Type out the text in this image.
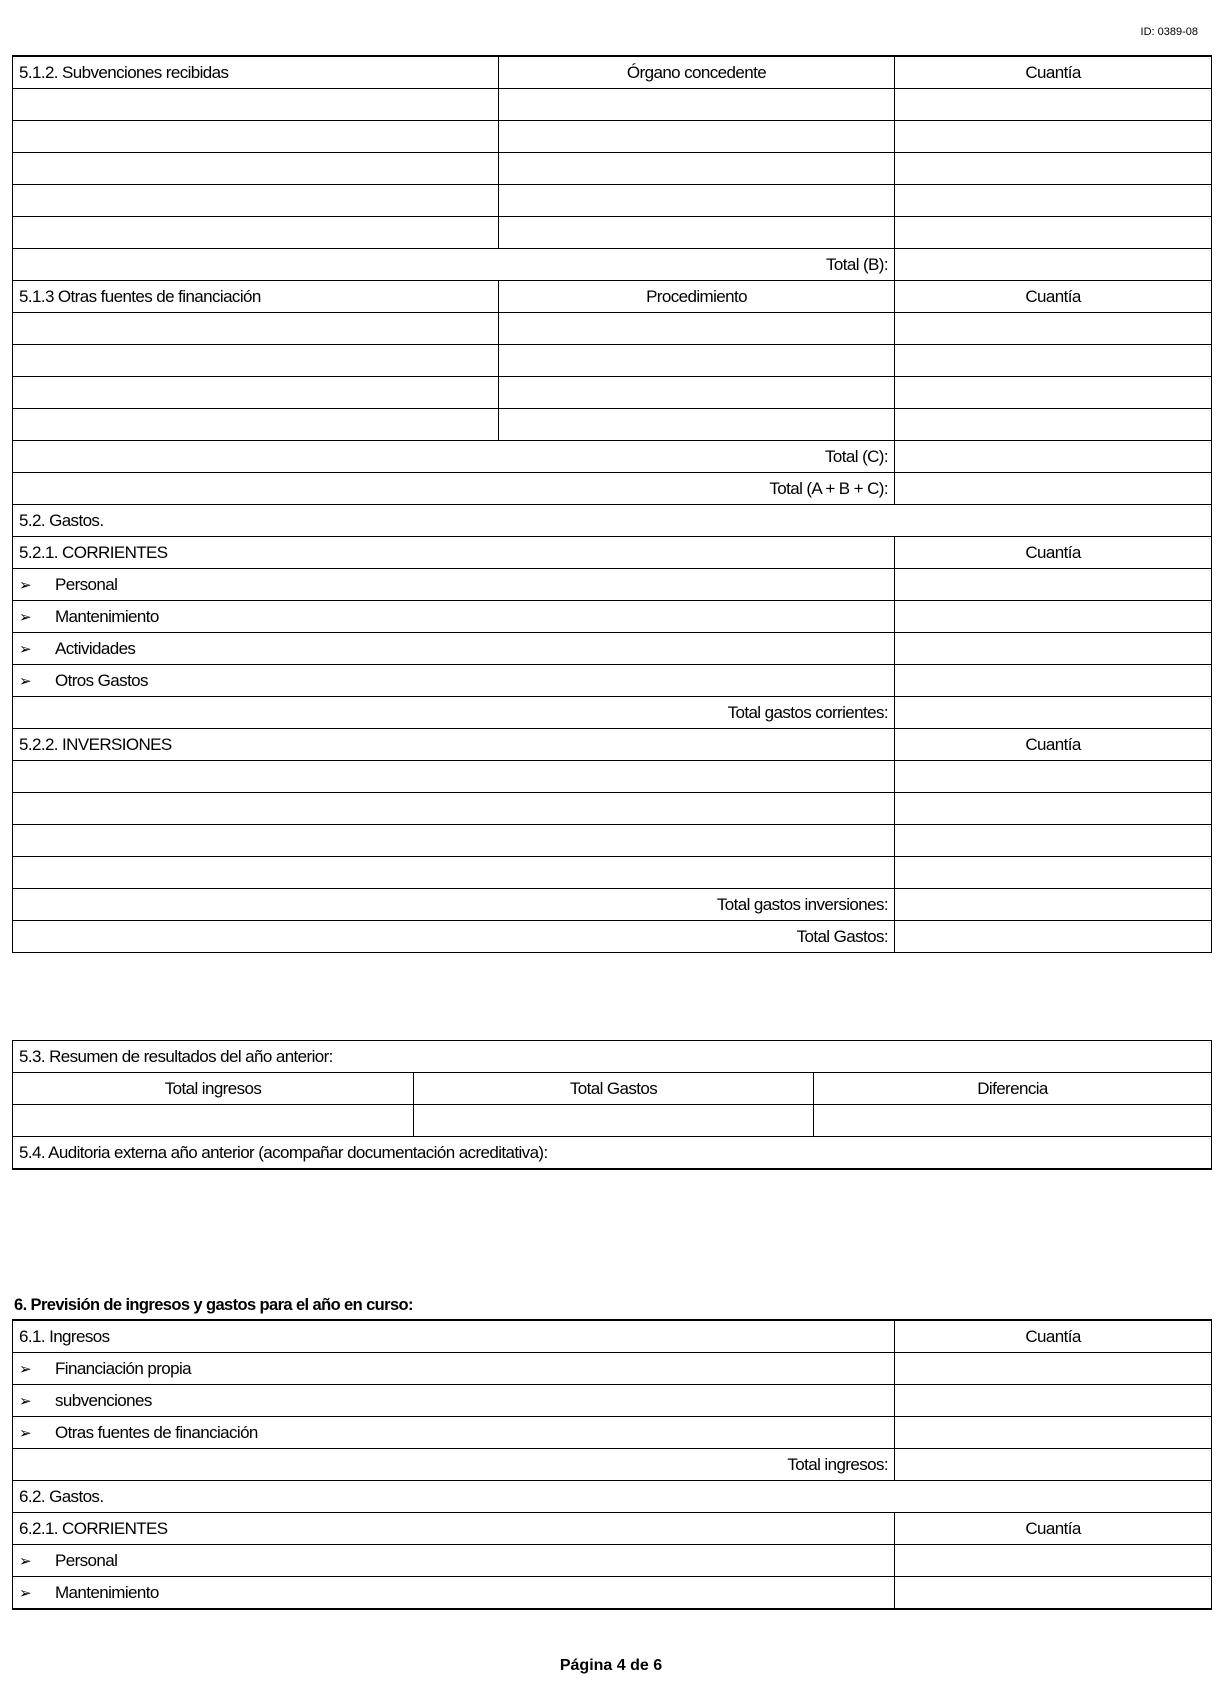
ID: 0389-08
5.1.2. Subvenciones recibidas	Órgano concedente	Cuantía

Total (B):		
5.1.3 Otras fuentes de financiación	Procedimiento	Cuantía

Total (C):		
Total (A + B + C):		
5.2. Gastos.		
5.2.1. CORRIENTES		Cuantía
➢ Personal		
➢ Mantenimiento		
➢ Actividades		
➢ Otros Gastos		
Total gastos corrientes:		
5.2.2. INVERSIONES		Cuantía

Total gastos inversiones:		
Total Gastos:		
5.3. Resumen de resultados del año anterior:		
Total ingresos	Total Gastos	Diferencia

5.4. Auditoria externa año anterior (acompañar documentación acreditativa):		
6. Previsión de ingresos y gastos para el año en curso:
6.1. Ingresos	Cuantía
➢ Financiación propia	
➢ subvenciones	
➢ Otras fuentes de financiación	
Total ingresos:	
6.2. Gastos.	
6.2.1. CORRIENTES	Cuantía
➢ Personal	
➢ Mantenimiento	
Página 4 de 6
